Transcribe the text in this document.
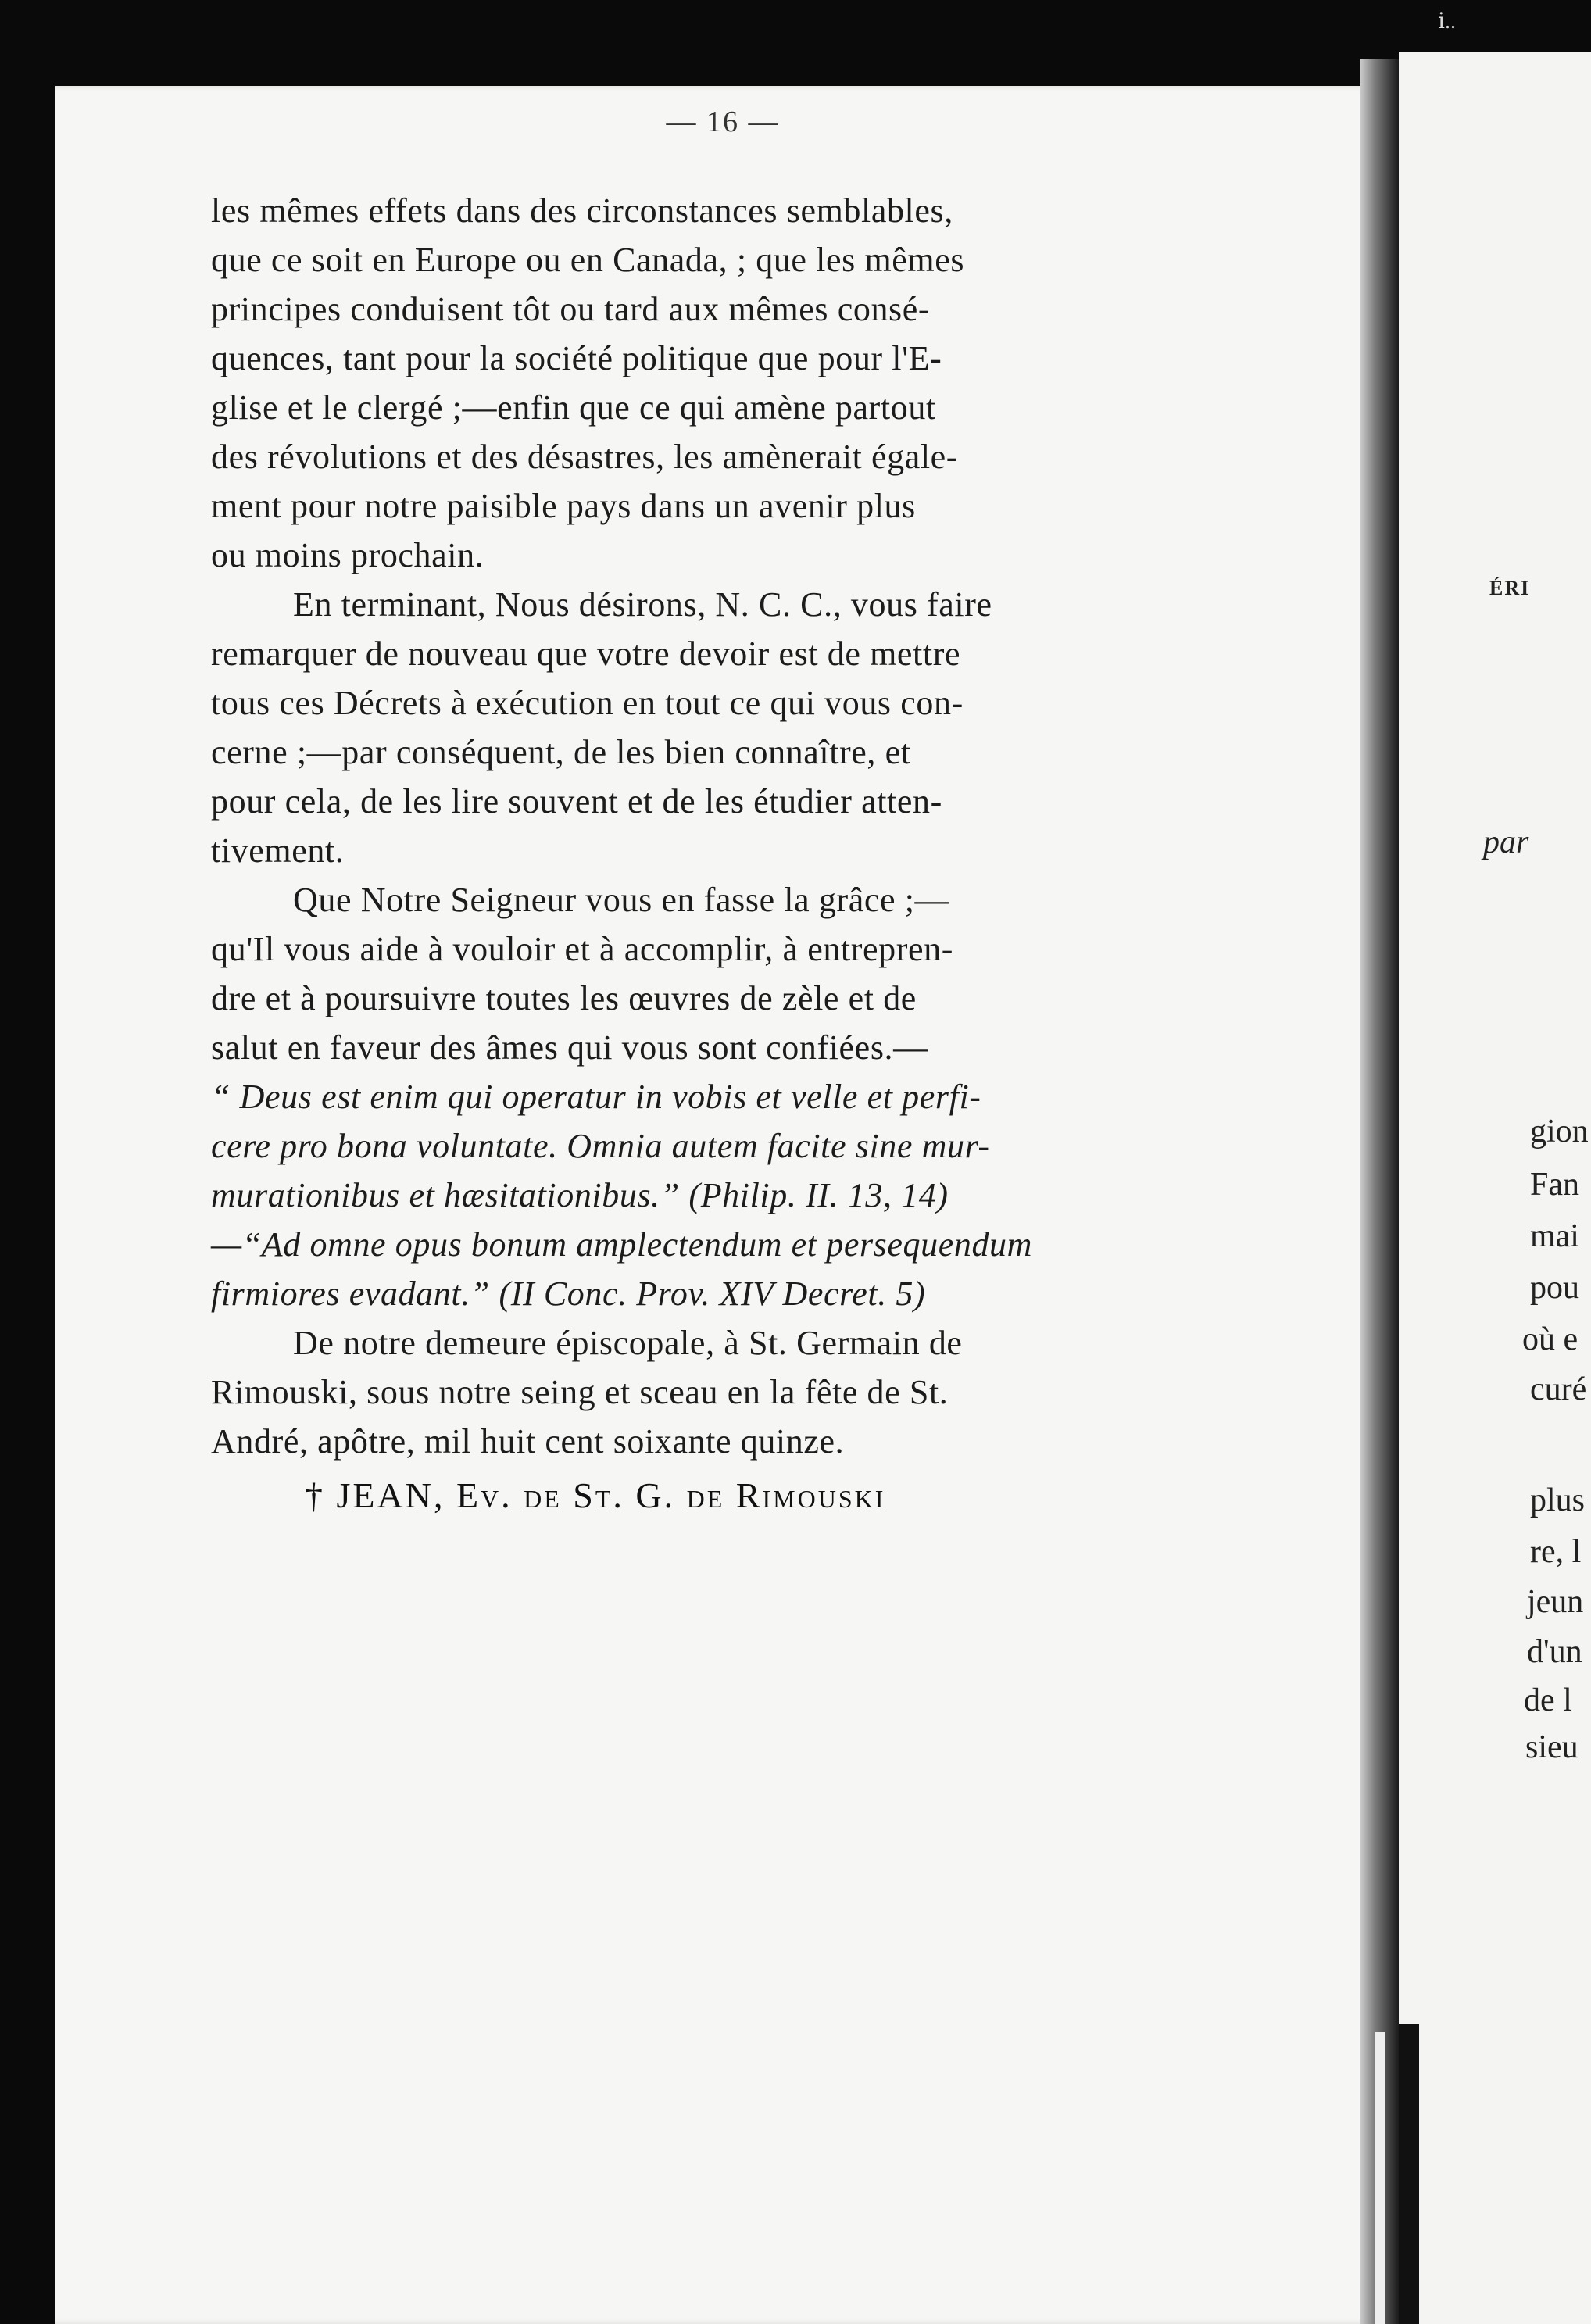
ⅰ..
— 16 —

les mêmes effets dans des circonstances semblables,
que ce soit en Europe ou en Canada, ; que les mêmes
principes conduisent tôt ou tard aux mêmes consé-
quences, tant pour la société politique que pour l'E-
glise et le clergé ;—enfin que ce qui amène partout
des révolutions et des désastres, les amènerait égale-
ment pour notre paisible pays dans un avenir plus
ou moins prochain.

En terminant, Nous désirons, N. C. C., vous faire
remarquer de nouveau que votre devoir est de mettre
tous ces Décrets à exécution en tout ce qui vous con-
cerne ;—par conséquent, de les bien connaître, et
pour cela, de les lire souvent et de les étudier atten-
tivement.

Que Notre Seigneur vous en fasse la grâce ;—
qu'Il vous aide à vouloir et à accomplir, à entrepren-
dre et à poursuivre toutes les œuvres de zèle et de
salut en faveur des âmes qui vous sont confiées.—
“ Deus est enim qui operatur in vobis et velle et perfi-
cere pro bona voluntate. Omnia autem facite sine mur-
murationibus et hæsitationibus.” (Philip. II. 13, 14)
—“Ad omne opus bonum amplectendum et persequendum
firmiores evadant.” (II Conc. Prov. XIV Decret. 5)

De notre demeure épiscopale, à St. Germain de
Rimouski, sous notre seing et sceau en la fête de St.
André, apôtre, mil huit cent soixante quinze.

† JEAN, Ev. de St. G. de Rimouski
ÉRI
par
gion
Fan
mai
pou
où e
curé
plus
re, l
jeun
d'un
de l
sieu
